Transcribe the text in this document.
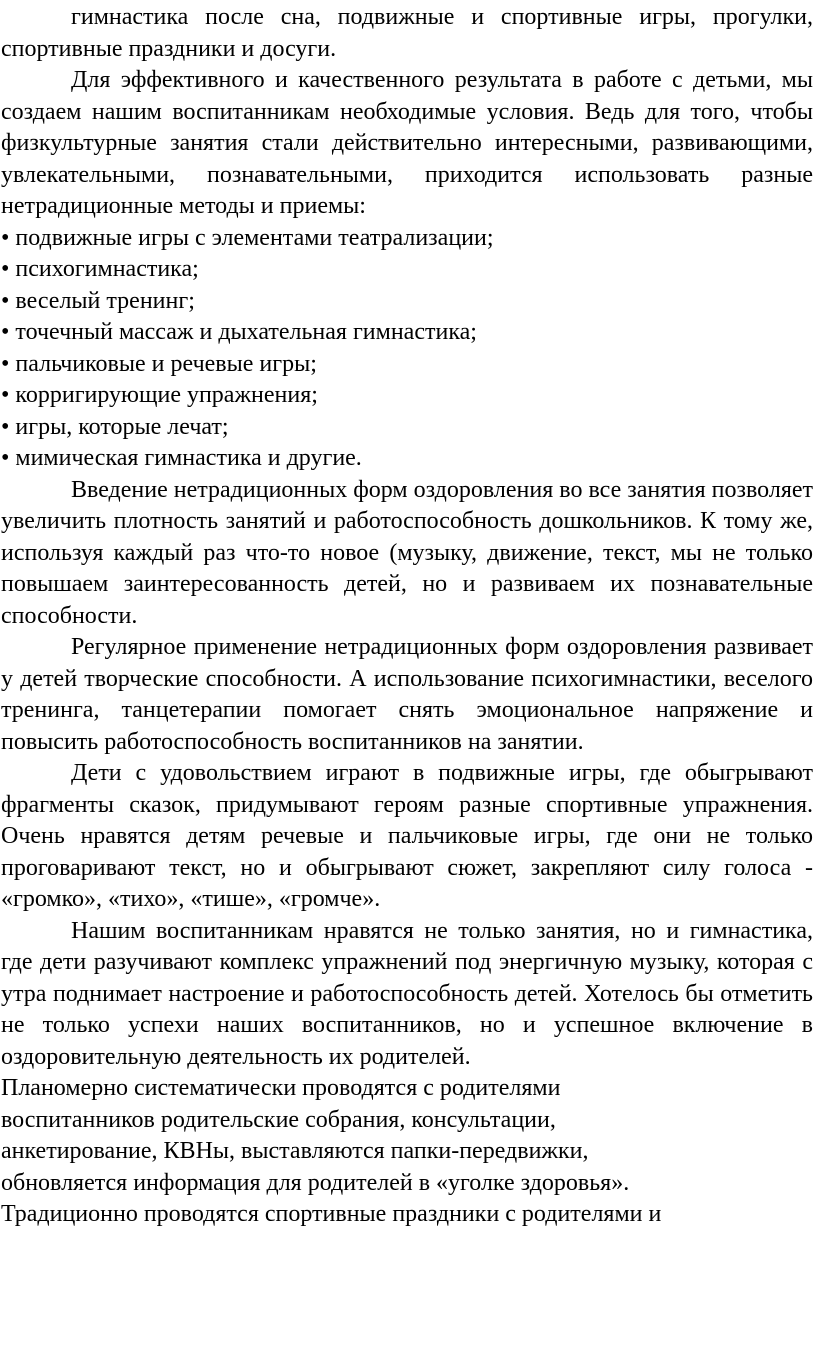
гимнастика после сна, подвижные и спортивные игры, прогулки, спортивные праздники и досуги.

Для эффективного и качественного результата в работе с детьми, мы создаем нашим воспитанникам необходимые условия. Ведь для того, чтобы физкультурные занятия стали действительно интересными, развивающими, увлекательными, познавательными, приходится использовать разные нетрадиционные методы и приемы:

• подвижные игры с элементами театрализации;
• психогимнастика;
• веселый тренинг;
• точечный массаж и дыхательная гимнастика;
• пальчиковые и речевые игры;
• корригирующие упражнения;
• игры, которые лечат;
• мимическая гимнастика и другие.

Введение нетрадиционных форм оздоровления во все занятия позволяет увеличить плотность занятий и работоспособность дошкольников. К тому же, используя каждый раз что-то новое (музыку, движение, текст, мы не только повышаем заинтересованность детей, но и развиваем их познавательные способности.

Регулярное применение нетрадиционных форм оздоровления развивает у детей творческие способности. А использование психогимнастики, веселого тренинга, танцетерапии помогает снять эмоциональное напряжение и повысить работоспособность воспитанников на занятии.

Дети с удовольствием играют в подвижные игры, где обыгрывают фрагменты сказок, придумывают героям разные спортивные упражнения. Очень нравятся детям речевые и пальчиковые игры, где они не только проговаривают текст, но и обыгрывают сюжет, закрепляют силу голоса - «громко», «тихо», «тише», «громче».

Нашим воспитанникам нравятся не только занятия, но и гимнастика, где дети разучивают комплекс упражнений под энергичную музыку, которая с утра поднимает настроение и работоспособность детей. Хотелось бы отметить не только успехи наших воспитанников, но и успешное включение в оздоровительную деятельность их родителей.

Планомерно систематически проводятся с родителями
воспитанников родительские собрания, консультации,
анкетирование, КВНы, выставляются папки-передвижки,
обновляется информация для родителей в «уголке здоровья».
Традиционно проводятся спортивные праздники с родителями и
